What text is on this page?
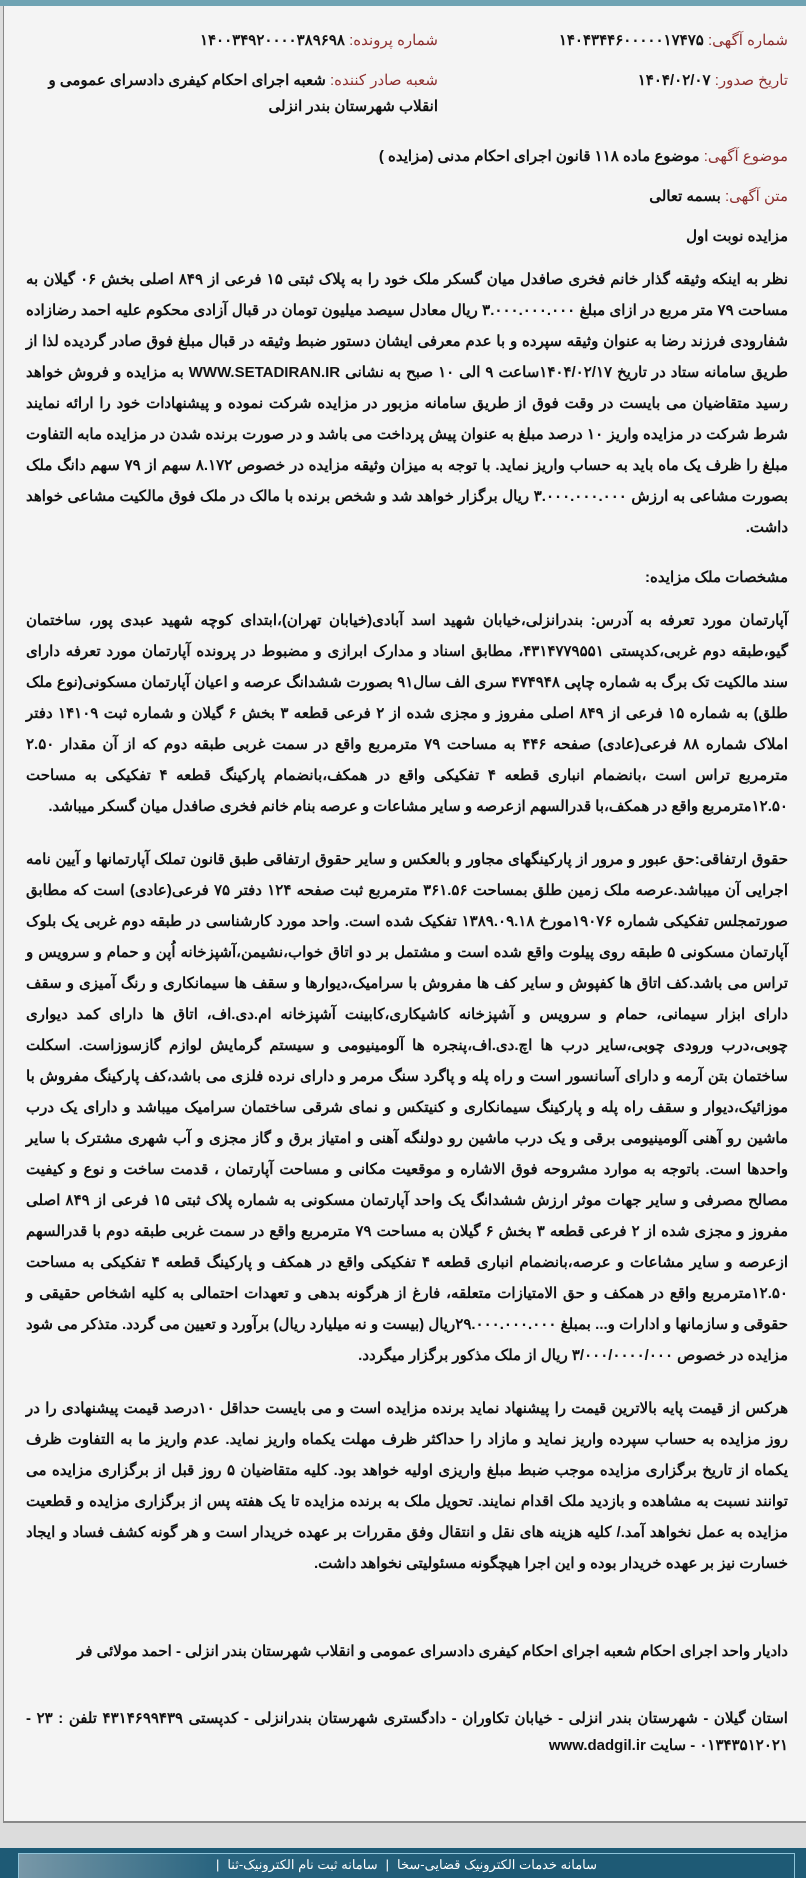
شماره آگهی: ۱۴۰۴۳۴۴۶۰۰۰۰۰۱۷۴۷۵
شماره پرونده: ۱۴۰۰۳۴۹۲۰۰۰۰۳۸۹۶۹۸
تاریخ صدور: ۱۴۰۴/۰۲/۰۷
شعبه صادر کننده: شعبه اجرای احکام کیفری دادسرای عمومی و انقلاب شهرستان بندر انزلی
موضوع آگهی: موضوع ماده ۱۱۸ قانون اجرای احکام مدنی (مزایده )
متن آگهی: بسمه تعالی
مزایده نوبت اول
نظر به اینکه وثیقه گذار خانم فخری صافدل میان گسکر ملک خود را به پلاک ثبتی ۱۵ فرعی از ۸۴۹ اصلی بخش ۰۶ گیلان به مساحت ۷۹ متر مربع در ازای مبلغ ۳.۰۰۰.۰۰۰.۰۰۰ ریال معادل سیصد میلیون تومان در قبال آزادی محکوم علیه احمد رضازاده شفارودی فرزند رضا به عنوان وثیقه سپرده و با عدم معرفی ایشان دستور ضبط وثیقه در قبال مبلغ فوق صادر گردیده لذا از طریق سامانه ستاد در تاریخ ۱۴۰۴/۰۲/۱۷ساعت ۹ الی ۱۰ صبح به نشانی WWW.SETADIRAN.IR به مزایده و فروش خواهد رسید متقاضیان می بایست در وقت فوق از طریق سامانه مزبور در مزایده شرکت نموده و پیشنهادات خود را ارائه نمایند شرط شرکت در مزایده واریز ۱۰ درصد مبلغ به عنوان پیش پرداخت می باشد و در صورت برنده شدن در مزایده مابه التفاوت مبلغ را ظرف یک ماه باید به حساب واریز نماید. با توجه به میزان وثیقه مزایده در خصوص ۸.۱۷۲ سهم از ۷۹ سهم دانگ ملک بصورت مشاعی به ارزش ۳.۰۰۰.۰۰۰.۰۰۰ ریال برگزار خواهد شد و شخص برنده با مالک در ملک فوق مالکیت مشاعی خواهد داشت.
مشخصات ملک مزایده:
آپارتمان مورد تعرفه به آدرس: بندرانزلی،خیابان شهید اسد آبادی(خیابان تهران)،ابتدای کوچه شهید عبدی پور، ساختمان گیو،طبقه دوم غربی،کدپستی ۴۳۱۴۷۷۹۵۵۱، مطابق اسناد و مدارک ابرازی و مضبوط در پرونده آپارتمان مورد تعرفه دارای سند مالکیت تک برگ به شماره چاپی ۴۷۴۹۴۸ سری الف سال۹۱ بصورت ششدانگ عرصه و اعیان آپارتمان مسکونی(نوع ملک طلق) به شماره ۱۵ فرعی از ۸۴۹ اصلی مفروز و مجزی شده از ۲ فرعی قطعه ۳ بخش ۶ گیلان و شماره ثبت ۱۴۱۰۹ دفتر املاک شماره ۸۸ فرعی(عادی) صفحه ۴۴۶ به مساحت ۷۹ مترمربع واقع در سمت غربی طبقه دوم که از آن مقدار ۲.۵۰ مترمربع تراس است ،بانضمام انباری قطعه ۴ تفکیکی واقع در همکف،بانضمام پارکینگ قطعه ۴ تفکیکی به مساحت ۱۲.۵۰مترمربع واقع در همکف،با قدرالسهم ازعرصه و سایر مشاعات و عرصه بنام خانم فخری صافدل میان گسکر میباشد.
حقوق ارتفاقی:حق عبور و مرور از پارکینگهای مجاور و بالعکس و سایر حقوق ارتفاقی طبق قانون تملک آپارتمانها و آیین نامه اجرایی آن میباشد.عرصه ملک زمین طلق بمساحت ۳۶۱.۵۶ مترمربع ثبت صفحه ۱۲۴ دفتر ۷۵ فرعی(عادی) است که مطابق صورتمجلس تفکیکی شماره ۱۹۰۷۶مورخ ۱۳۸۹.۰۹.۱۸ تفکیک شده است. واحد مورد کارشناسی در طبقه دوم غربی یک بلوک آپارتمان مسکونی ۵ طبقه روی پیلوت واقع شده است و مشتمل بر دو اتاق خواب،نشیمن،آشپزخانه اُپن و حمام و سرویس و تراس می باشد.کف اتاق ها کفپوش و سایر کف ها مفروش با سرامیک،دیوارها و سقف ها سیمانکاری و رنگ آمیزی و سقف دارای ابزار سیمانی، حمام و سرویس و آشپزخانه کاشیکاری،کابینت آشپزخانه ام.دی.اف، اتاق ها دارای کمد دیواری چوبی،درب ورودی چوبی،سایر درب ها اچ.دی.اف،پنجره ها آلومینیومی و سیستم گرمایش لوازم گازسوزاست. اسکلت ساختمان بتن آرمه و دارای آسانسور است و راه پله و پاگرد سنگ مرمر و دارای نرده فلزی می باشد،کف پارکینگ مفروش با موزائیک،دیوار و سقف راه پله و پارکینگ سیمانکاری و کنیتکس و نمای شرقی ساختمان سرامیک میباشد و دارای یک درب ماشین رو آهنی آلومینیومی برقی و یک درب ماشین رو دولنگه آهنی و امتیاز برق و گاز مجزی و آب شهری مشترک با سایر واحدها است. باتوجه به موارد مشروحه فوق الاشاره و موقعیت مکانی و مساحت آپارتمان ، قدمت ساخت و نوع و کیفیت مصالح مصرفی و سایر جهات موثر ارزش ششدانگ یک واحد آپارتمان مسکونی به شماره پلاک ثبتی ۱۵ فرعی از ۸۴۹ اصلی مفروز و مجزی شده از ۲ فرعی قطعه ۳ بخش ۶ گیلان به مساحت ۷۹ مترمربع واقع در سمت غربی طبقه دوم با قدرالسهم ازعرصه و سایر مشاعات و عرصه،بانضمام انباری قطعه ۴ تفکیکی واقع در همکف و پارکینگ قطعه ۴ تفکیکی به مساحت ۱۲.۵۰مترمربع واقع در همکف و حق الامتیازات متعلقه، فارغ از هرگونه بدهی و تعهدات احتمالی به کلیه اشخاص حقیقی و حقوقی و سازمانها و ادارات و... بمبلغ ۲۹.۰۰۰.۰۰۰.۰۰۰ریال (بیست و نه میلیارد ریال) برآورد و تعیین می گردد. متذکر می شود مزایده در خصوص ۳/۰۰۰/۰۰۰۰/۰۰۰ ریال از ملک مذکور برگزار میگردد.
هرکس از قیمت پایه بالاترین قیمت را پیشنهاد نماید برنده مزایده است و می بایست حداقل ۱۰درصد قیمت پیشنهادی را در روز مزایده به حساب سپرده واریز نماید و مازاد را حداکثر ظرف مهلت یکماه واریز نماید. عدم واریز ما به التفاوت ظرف یکماه از تاریخ برگزاری مزایده موجب ضبط مبلغ واریزی اولیه خواهد بود. کلیه متقاضیان ۵ روز قبل از برگزاری مزایده می توانند نسبت به مشاهده و بازدید ملک اقدام نمایند. تحویل ملک به برنده مزایده تا یک هفته پس از برگزاری مزایده و قطعیت مزایده به عمل نخواهد آمد./ کلیه هزینه های نقل و انتقال وفق مقررات بر عهده خریدار است و هر گونه کشف فساد و ایجاد خسارت نیز بر عهده خریدار بوده و این اجرا هیچگونه مسئولیتی نخواهد داشت.
دادیار واحد اجرای احکام شعبه اجرای احکام کیفری دادسرای عمومی و انقلاب شهرستان بندر انزلی - احمد مولائی فر
استان گیلان - شهرستان بندر انزلی - خیابان تکاوران - دادگستری شهرستان بندرانزلی - کدپستی ۴۳۱۴۶۹۹۴۳۹ تلفن : ۲۳ - ۰۱۳۴۳۵۱۲۰۲۱ - سایت www.dadgil.ir
سامانه خدمات الکترونیک قضایی-سخا|سامانه ثبت نام الکترونیک-ثنا|
